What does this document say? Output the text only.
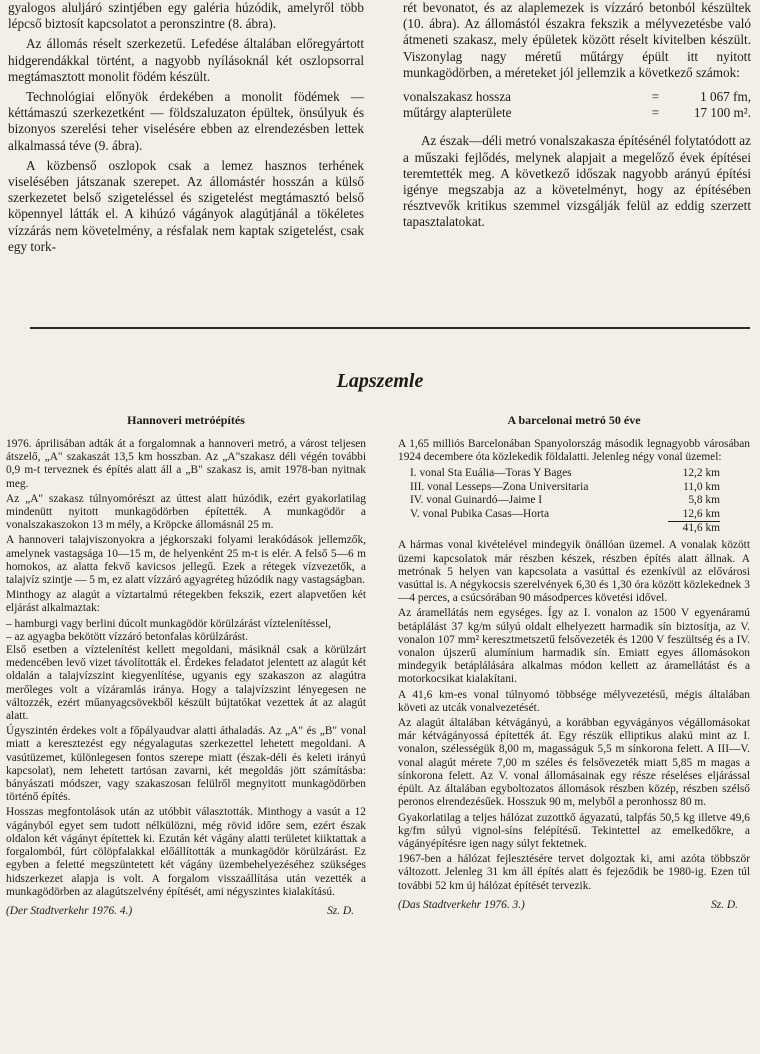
gyalogos aluljáró szintjében egy galéria húzódik, amelyről több lépcső biztosít kapcsolatot a peronszintre (8. ábra).

Az állomás réselt szerkezetű. Lefedése általában előregyártott hidgerendákkal történt, a nagyobb nyílásoknál két oszlopsorral megtámasztott monolit födém készült.

Technológiai előnyök érdekében a monolit födémek — kéttámaszú szerkezetként — földszaluzaton épültek, önsúlyuk és bizonyos szerelési teher viselésére ebben az elrendezésben lettek alkalmassá téve (9. ábra).

A közbenső oszlopok csak a lemez hasznos terhének viselésében játszanak szerepet. Az állomástér hosszán a külső szerkezetet belső szigeteléssel és szigetelést megtámasztó belső köpennyel látták el. A kihúzó vágányok alagútjánál a tökéletes vízzárás nem követelmény, a résfalak nem kaptak szigetelést, csak egy tork-

rét bevonatot, és az alaplemezek is vízzáró betonból készültek (10. ábra). Az állomástól északra fekszik a mélyvezetésbe való átmeneti szakasz, mely épületek között réselt kivitelben készült. Viszonylag nagy méretű műtárgy épült itt nyitott munkagödörben, a méreteket jól jellemzik a következő számok:

vonalszakasz hossza	=	1 067 fm,
műtárgy alapterülete	=	17 100 m².

Az észak—déli metró vonalszakasza építésénél folytatódott az a műszaki fejlődés, melynek alapjait a megelőző évek építései teremtették meg. A következő időszak nagyobb arányú építési igénye megszabja az a követelményt, hogy az építésében résztvevők kritikus szemmel vizsgálják felül az eddig szerzett tapasztalatokat.

Lapszemle
Hannoveri metróépítés

1976. áprilisában adták át a forgalomnak a hannoveri metró, a várost teljesen átszelő, „A" szakaszát 13,5 km hosszban. Az „A"szakasz déli végén további 0,9 m-t terveznek és építés alatt áll a „B" szakasz is, amit 1978-ban nyitnak meg.

Az „A" szakasz túlnyomórészt az úttest alatt húzódik, ezért gyakorlatilag mindenütt nyitott munkagödörben építették. A munkagödör a vonalszakaszokon 13 m mély, a Kröpcke állomásnál 25 m.

A hannoveri talajviszonyokra a jégkorszaki folyami lerakódások jellemzők, amelynek vastagsága 10—15 m, de helyenként 25 m-t is elér. A felső 5—6 m homokos, az alatta fekvő kavicsos jellegű. Ezek a rétegek vízvezetők, a talajvíz szintje — 5 m, ez alatt vízzáró agyagréteg húzódik nagy vastagságban.

Minthogy az alagút a víztartalmú rétegekben fekszik, ezert alapvetően két eljárást alkalmaztak:

– hamburgi vagy berlini dúcolt munkagödör körülzárást víztelenítéssel,

– az agyagba bekötött vízzáró betonfalas körülzárást.

Első esetben a víztelenítést kellett megoldani, másiknál csak a körülzárt medencében levő vizet távolították el. Érdekes feladatot jelentett az alagút két oldalán a talajvízszint kiegyenlítése, ugyanis egy szakaszon az alagútra merőleges volt a vízáramlás iránya. Hogy a talajvízszint lényegesen ne változzék, ezért műanyagcsövekből készült bújtatókat vezettek át az alagút alatt.

Úgyszintén érdekes volt a főpályaudvar alatti áthaladás. Az „A" és „B" vonal miatt a keresztezést egy négyalagutas szerkezettel lehetett megoldani. A vasútüzemet, különlegesen fontos szerepe miatt (észak-déli és keleti irányú kapcsolat), nem lehetett tartósan zavarni, két megoldás jött számításba: bányászati módszer, vagy szakaszosan felülről megnyitott munkagödörben történő építés.

Hosszas megfontolások után az utóbbit választották. Minthogy a vasút a 12 vágányból egyet sem tudott nélkülözni, még rövid időre sem, ezért észak oldalon két vágányt építettek ki. Ezután két vágány alatti területet kiiktattak a forgalomból, fúrt cölöpfalakkal előállították a munkagödör körülzárást. Ez egyben a feletté megszüntetett két vágány üzembehelyezéséhez szükséges hidszerkezet alapja is volt. A forgalom visszaállítása után vezették a munkagödörben az alagútszelvény építését, ami négyszintes kialakítású.

(Der Stadtverkehr 1976. 4.)	Sz. D.
A barcelonai metró 50 éve

A 1,65 milliós Barcelonában Spanyolország második legnagyobb városában 1924 decembere óta közlekedik földalatti. Jelenleg négy vonal üzemel:

I. vonal Sta Euália—Toras Y Bages	12,2 km
III. vonal Lesseps—Zona Universitaria	11,0 km
IV. vonal Guinardó—Jaime I	5,8 km
V. vonal Pubika Casas—Horta	12,6 km
41,6 km

A hármas vonal kivételével mindegyik önállóan üzemel. A vonalak között üzemi kapcsolatok már részben készek, részben építés alatt állnak. A metrónak 5 helyen van kapcsolata a vasúttal és ezenkívül az elővárosi vasúttal is. A négykocsis szerelvények 6,30 és 1,30 óra között közlekednek 3—4 perces, a csúcsórában 90 másodperces követési idővel.

Az áramellátás nem egységes. Így az I. vonalon az 1500 V egyenáramú betáplálást 37 kg/m súlyú oldalt elhelyezett harmadik sín biztosítja, az V. vonalon 107 mm² keresztmetszetű felsővezeték és 1200 V feszültség és a IV. vonalon újszerű alumínium harmadik sín. Emiatt egyes állomásokon mindegyik betáplálására alkalmas módon kellett az áramellátást és a motorkocsikat kialakítani.

A 41,6 km-es vonal túlnyomó többsége mélyvezetésű, mégis általában követi az utcák vonalvezetését.

Az alagút általában kétvágányú, a korábban egyvágányos végállomásokat már kétvágányossá építették át. Egy részük elliptikus alakú mint az I. vonalon, szélességük 8,00 m, magasságuk 5,5 m sínkorona felett. A III—V. vonal alagút mérete 7,00 m széles és felsővezeték miatt 5,85 m magas a sínkorona felett. Az V. vonal állomásainak egy része réseléses eljárással épült. Az általában egyboltozatos állomások részben közép, részben szélső peronos elrendezésűek. Hosszuk 90 m, melyből a peronhossz 80 m.

Gyakorlatilag a teljes hálózat zuzottkő ágyazatú, talpfás 50,5 kg illetve 49,6 kg/fm súlyú vignol-síns felépítésű. Tekintettel az emelkedőkre, a vágányépítésre igen nagy súlyt fektetnek.

1967-ben a hálózat fejlesztésére tervet dolgoztak ki, ami azóta többször változott. Jelenleg 31 km áll építés alatt és fejeződik be 1980-ig. Ezen túl további 52 km új hálózat építését tervezik.

(Das Stadtverkehr 1976. 3.)	Sz. D.
